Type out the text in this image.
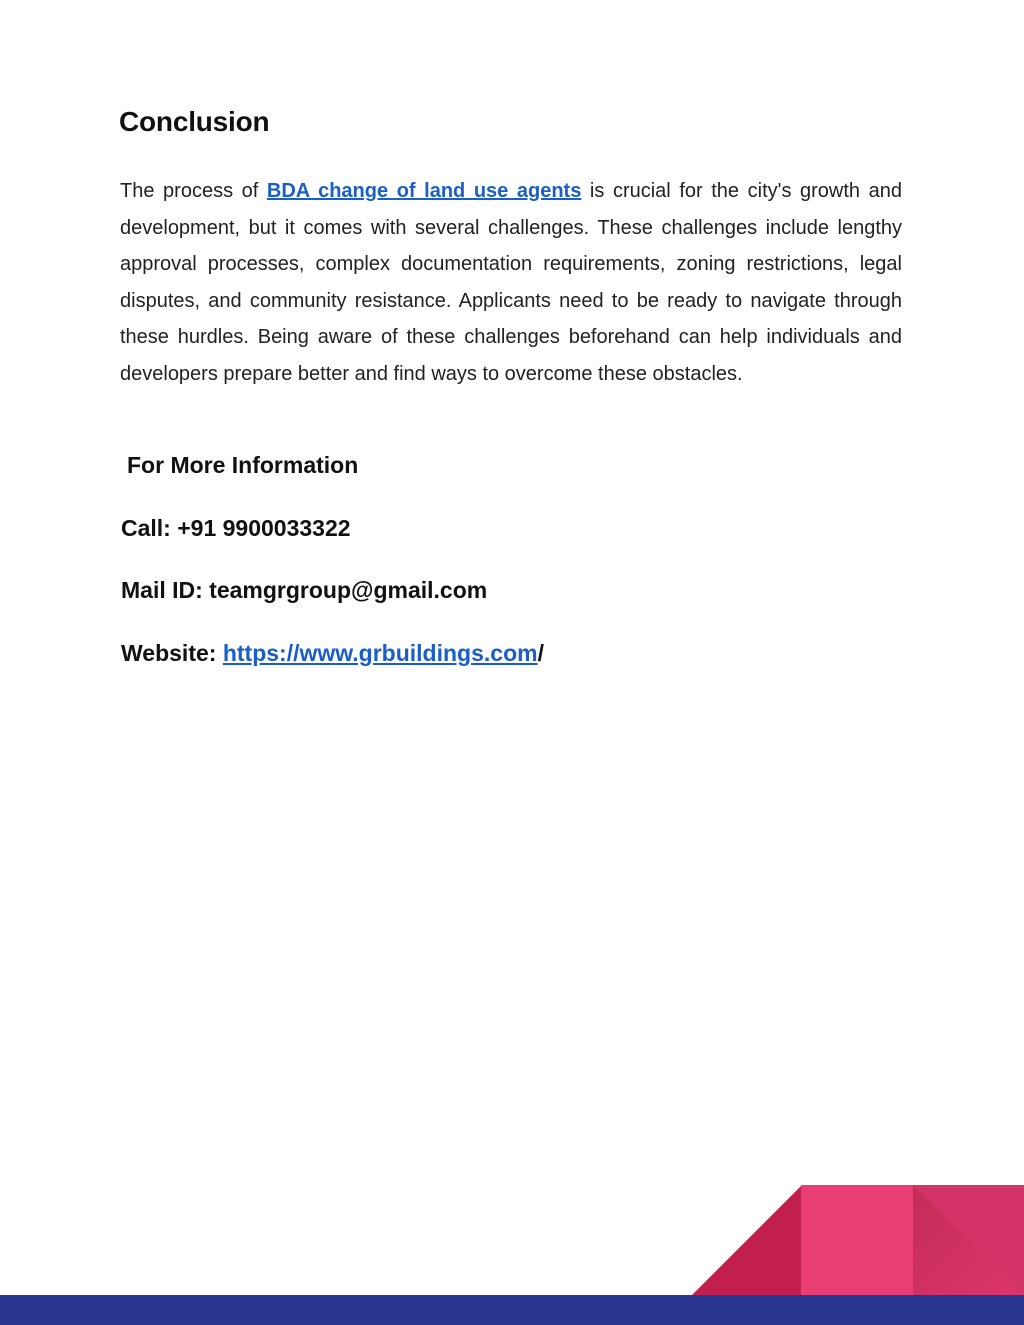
Conclusion

The process of BDA change of land use agents is crucial for the city's growth and development, but it comes with several challenges. These challenges include lengthy approval processes, complex documentation requirements, zoning restrictions, legal disputes, and community resistance. Applicants need to be ready to navigate through these hurdles. Being aware of these challenges beforehand can help individuals and developers prepare better and find ways to overcome these obstacles.

For More Information

Call: +91 9900033322

Mail ID: teamgrgroup@gmail.com

Website: https://www.grbuildings.com/
